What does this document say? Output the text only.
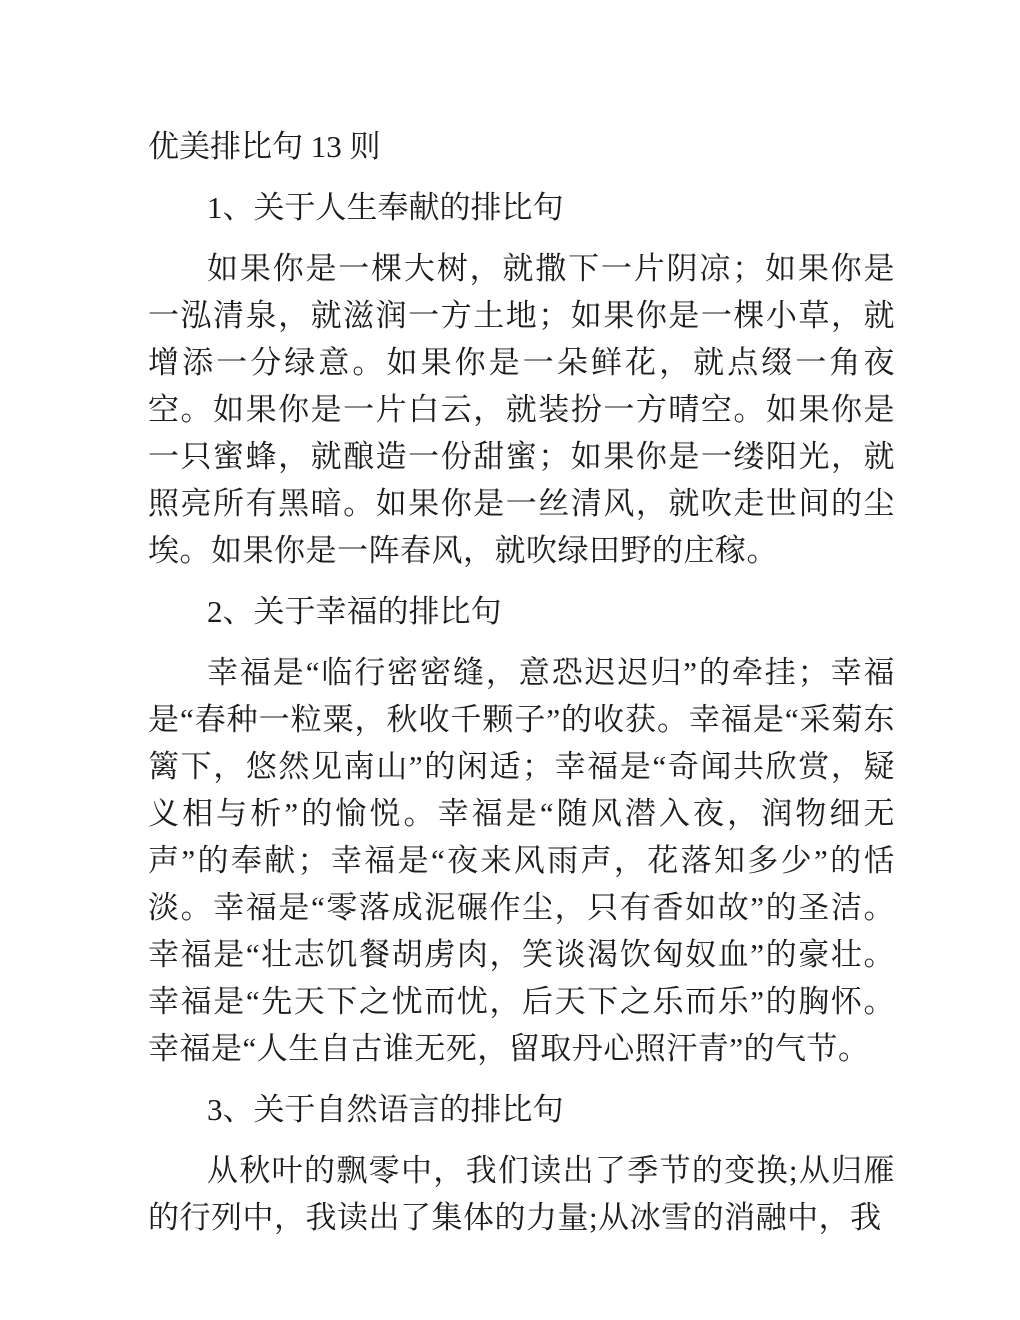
优美排比句 13 则
1、关于人生奉献的排比句
如果你是一棵大树，就撒下一片阴凉；如果你是一泓清泉，就滋润一方土地；如果你是一棵小草，就增添一分绿意。如果你是一朵鲜花，就点缀一角夜空。如果你是一片白云，就装扮一方晴空。如果你是一只蜜蜂，就酿造一份甜蜜；如果你是一缕阳光，就照亮所有黑暗。如果你是一丝清风，就吹走世间的尘埃。如果你是一阵春风，就吹绿田野的庄稼。
2、关于幸福的排比句
幸福是“临行密密缝，意恐迟迟归”的牵挂；幸福是“春种一粒粟，秋收千颗子”的收获。幸福是“采菊东篱下，悠然见南山”的闲适；幸福是“奇闻共欣赏，疑义相与析”的愉悦。幸福是“随风潜入夜，润物细无声”的奉献；幸福是“夜来风雨声，花落知多少”的恬淡。幸福是“零落成泥碾作尘，只有香如故”的圣洁。幸福是“壮志饥餐胡虏肉，笑谈渴饮匈奴血”的豪壮。幸福是“先天下之忧而忧，后天下之乐而乐”的胸怀。幸福是“人生自古谁无死，留取丹心照汗青”的气节。
3、关于自然语言的排比句
从秋叶的飘零中，我们读出了季节的变换;从归雁的行列中，我读出了集体的力量;从冰雪的消融中，我
